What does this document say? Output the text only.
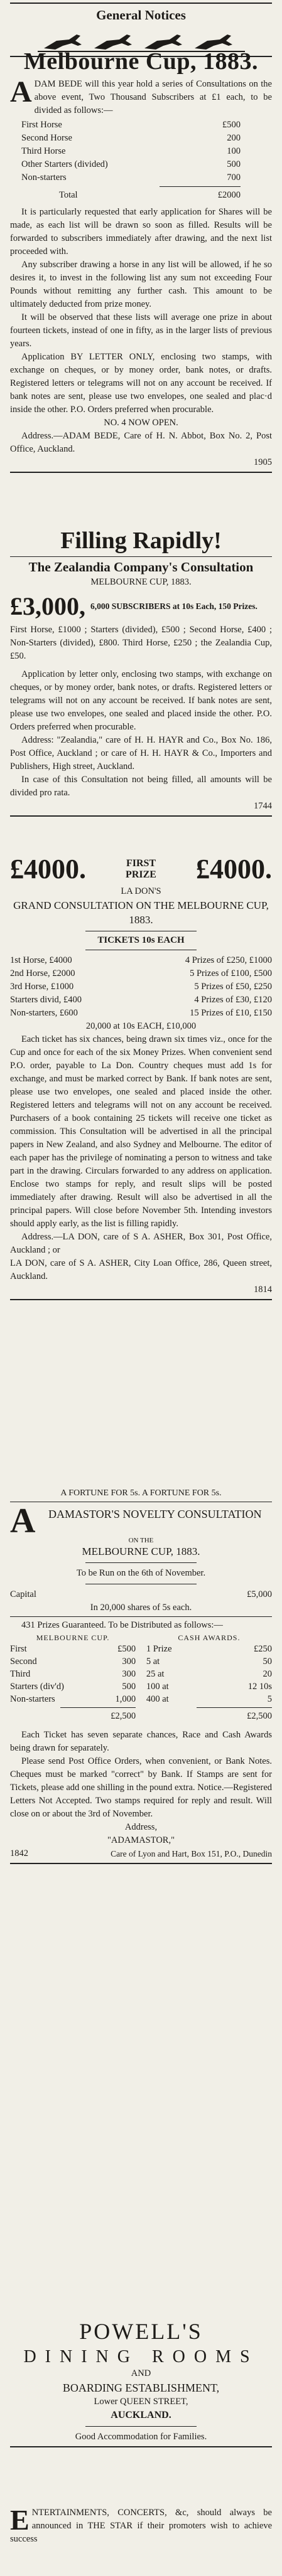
General Notices
Melbourne Cup, 1883.
A DAM BEDE will this year hold a series of Consultations on the above event, Two Thousand Subscribers at £1 each, to be divided as follows:—

First Horse	£500
Second Horse	200
Third Horse	100
Other Starters (divided)	500
Non-starters	700
Total	£2000

It is particularly requested that early application for Shares will be made, as each list will be drawn so soon as filled. Results will be forwarded to subscribers immediately after drawing, and the next list proceeded with.

Any subscriber drawing a horse in any list will be allowed, if he so desires it, to invest in the following list any sum not exceeding Four Pounds without remitting any further cash. This amount to be ultimately deducted from prize money.

It will be observed that these lists will average one prize in about fourteen tickets, instead of one in fifty, as in the larger lists of previous years.

Application BY LETTER ONLY, enclosing two stamps, with exchange on cheques, or by money order, bank notes, or drafts. Registered letters or telegrams will not on any account be received. If bank notes are sent, please use two envelopes, one sealed and plac·d inside the other. P.O. Orders preferred when procurable.

NO. 4 NOW OPEN.

Address.—ADAM BEDE, Care of H. N. Abbot, Box No. 2, Post Office, Auckland.

1905
Filling Rapidly!
The Zealandia Company's Consultation
MELBOURNE CUP, 1883.
£3,000, 6,000 SUBSCRIBERS at 10s Each, 150 Prizes.

First Horse, £1000 ; Starters (divided), £500 ; Second Horse, £400 ; Non-Starters (divided), £800. Third Horse, £250 ; the Zealandia Cup, £50.

Application by letter only, enclosing two stamps, with exchange on cheques, or by money order, bank notes, or drafts. Registered letters or telegrams will not on any account be received. If bank notes are sent, please use two envelopes, one sealed and placed inside the other. P.O. Orders preferred when procurable.

Address: "Zealandia," care of H. H. HAYR and Co., Box No. 186, Post Office, Auckland ; or care of H. H. HAYR & Co., Importers and Publishers, High street, Auckland.

In case of this Consultation not being filled, all amounts will be divided pro rata.

1744
£4000.	FIRST
PRIZE £4000.
LA DON'S
GRAND CONSULTATION ON THE MELBOURNE CUP, 1883.
TICKETS 10s EACH
1st Horse, £4000	4 Prizes of £250, £1000
2nd Horse, £2000	5 Prizes of £100, £500
3rd Horse, £1000	5 Prizes of £50, £250
Starters divid, £400	4 Prizes of £30, £120
Non-starters, £600	15 Prizes of £10, £150
20,000 at 10s EACH, £10,000

Each ticket has six chances, being drawn six times viz., once for the Cup and once for each of the six Money Prizes. When convenient send P.O. order, payable to La Don. Country cheques must add 1s for exchange, and must be marked correct by Bank. If bank notes are sent, please use two envelopes, one sealed and placed inside the other. Registered letters and telegrams will not on any account be received. Purchasers of a book containing 25 tickets will receive one ticket as commission. This Consultation will be advertised in all the principal papers in New Zealand, and also Sydney and Melbourne. The editor of each paper has the privilege of nominating a person to witness and take part in the drawing. Circulars forwarded to any address on application. Enclose two stamps for reply, and result slips will be posted immediately after drawing. Result will also be advertised in all the principal papers. Will close before November 5th. Intending investors should apply early, as the list is filling rapidly.

Address.—LA DON, care of S A. ASHER, Box 301, Post Office, Auckland ; or

LA DON, care of S A. ASHER, City Loan Office, 286, Queen street, Auckland.

1814
A FORTUNE FOR 5s. A FORTUNE FOR 5s.
A	DAMASTOR'S NOVELTY CONSULTATION
ON THE
MELBOURNE CUP, 1883.
To be Run on the 6th of November.
Capital	£5,000
In 20,000 shares of 5s each.

431 Prizes Guaranteed. To be Distributed as follows:—

MELBOURNE CUP.
First	£500
Second	300
Third	300
Starters (div'd)	500
Non-starters	1,000
£2,500
CASH AWARDS.
1 Prize	£250
5 at	50
25 at	20
100 at	12 10s
400 at	5
£2,500

Each Ticket has seven separate chances, Race and Cash Awards being drawn for separately.

Please send Post Office Orders, when convenient, or Bank Notes. Cheques must be marked "correct" by Bank. If Stamps are sent for Tickets, please add one shilling in the pound extra. Notice.—Registered Letters Not Accepted. Two stamps required for reply and result. Will close on or about the 3rd of November.

Address,
"ADAMASTOR,"
1842	Care of Lyon and Hart, Box 151, P.O., Dunedin
POWELL'S
DINING ROOMS
AND
BOARDING ESTABLISHMENT,
Lower QUEEN STREET,
AUCKLAND.
Good Accommodation for Families.
E NTERTAINMENTS, CONCERTS, &c, should always be announced in THE STAR if their promoters wish to achieve success
